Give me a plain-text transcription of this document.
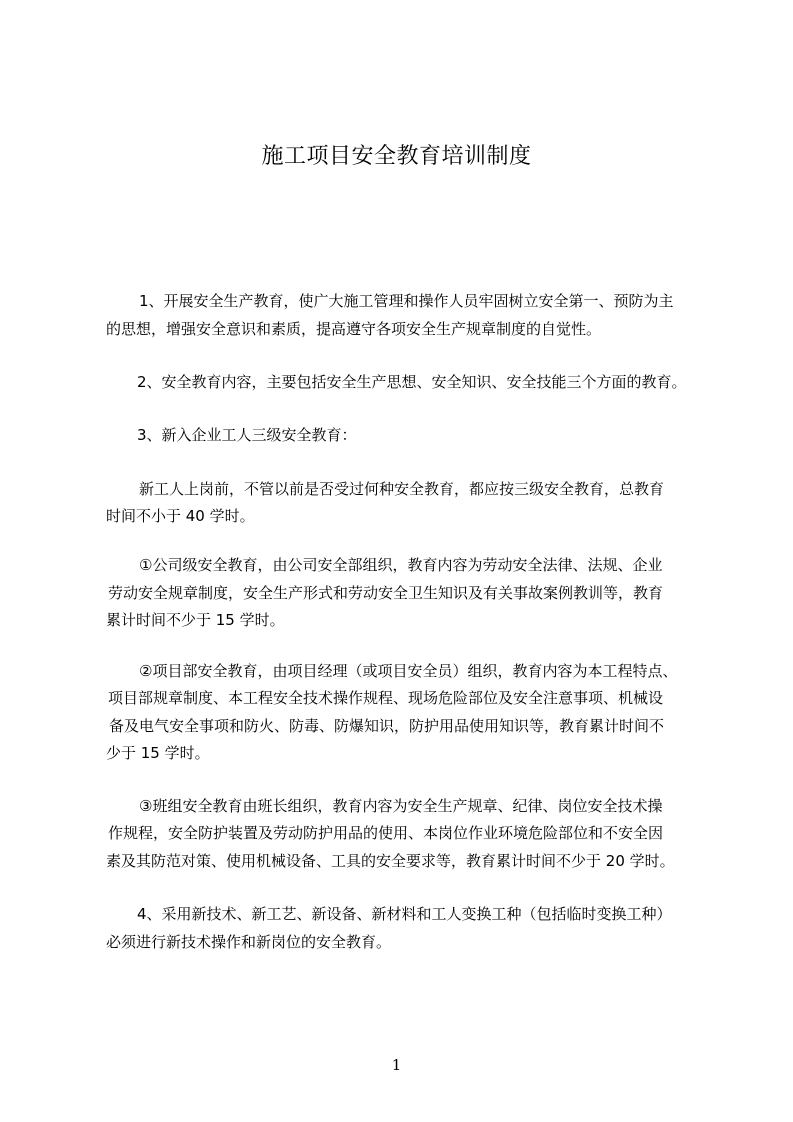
施工项目安全教育培训制度

1、开展安全生产教育，使广大施工管理和操作人员牢固树立安全第一、预防为主

的思想，增强安全意识和素质，提高遵守各项安全生产规章制度的自觉性。

2、安全教育内容，主要包括安全生产思想、安全知识、安全技能三个方面的教育。

3、新入企业工人三级安全教育：

新工人上岗前，不管以前是否受过何种安全教育，都应按三级安全教育，总教育

时间不小于 40 学时。

①公司级安全教育，由公司安全部组织，教育内容为劳动安全法律、法规、企业

劳动安全规章制度，安全生产形式和劳动安全卫生知识及有关事故案例教训等，教育

累计时间不少于 15 学时。

②项目部安全教育，由项目经理（或项目安全员）组织，教育内容为本工程特点、

项目部规章制度、本工程安全技术操作规程、现场危险部位及安全注意事项、机械设

备及电气安全事项和防火、防毒、防爆知识，防护用品使用知识等，教育累计时间不

少于 15 学时。

③班组安全教育由班长组织，教育内容为安全生产规章、纪律、岗位安全技术操

作规程，安全防护装置及劳动防护用品的使用、本岗位作业环境危险部位和不安全因

素及其防范对策、使用机械设备、工具的安全要求等，教育累计时间不少于 20 学时。

4、采用新技术、新工艺、新设备、新材料和工人变换工种（包括临时变换工种）

必须进行新技术操作和新岗位的安全教育。

1
